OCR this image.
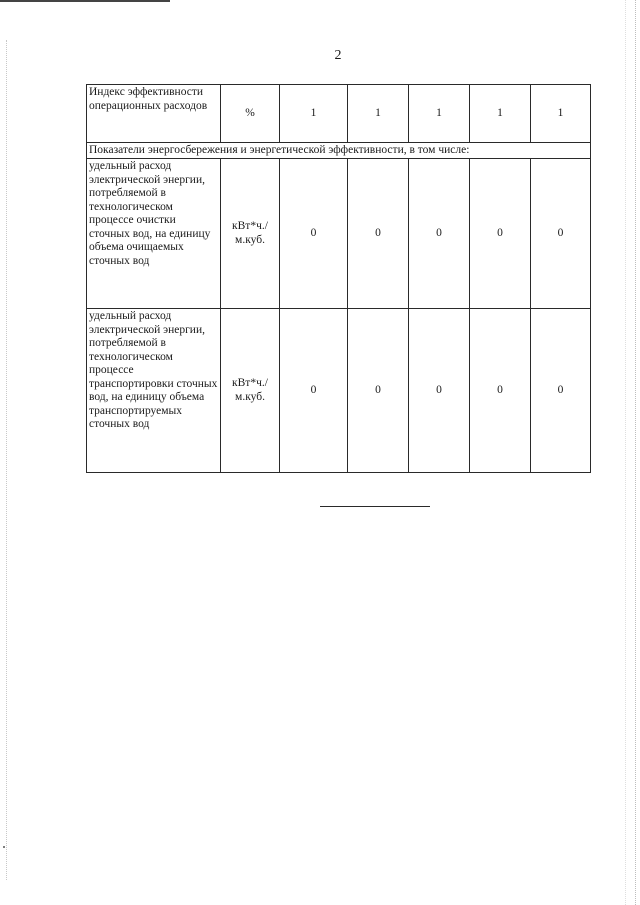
2
Индекс эффективности операционных расходов	%	1	1	1	1	1
Показатели энергосбережения и энергетической эффективности, в том числе:						
удельный расход электрической энергии, потребляемой в технологическом процессе очистки сточных вод, на единицу объема очищаемых сточных вод	кВт*ч./м.куб.	0	0	0	0	0
удельный расход электрической энергии, потребляемой в технологическом процессе транспортировки сточных вод, на единицу объема транспортируемых сточных вод	кВт*ч./м.куб.	0	0	0	0	0
